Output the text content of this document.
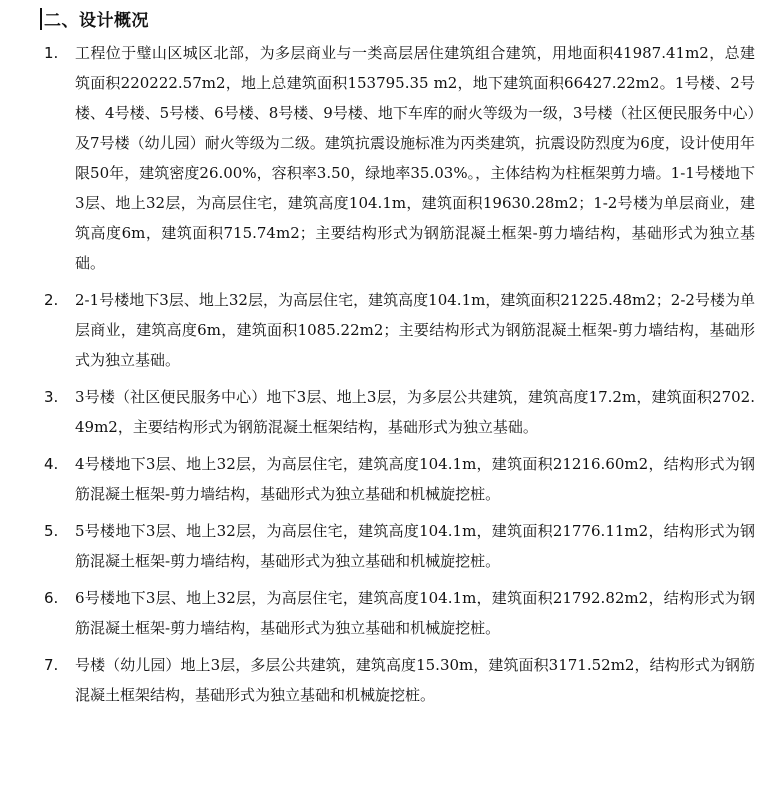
二、设计概况
1. 工程位于璧山区城区北部，为多层商业与一类高层居住建筑组合建筑，用地面积41987.41m2，总建筑面积220222.57m2，地上总建筑面积153795.35 m2，地下建筑面积66427.22m2。1号楼、2号楼、4号楼、5号楼、6号楼、8号楼、9号楼、地下车库的耐火等级为一级，3号楼（社区便民服务中心）及7号楼（幼儿园）耐火等级为二级。建筑抗震设施标准为丙类建筑，抗震设防烈度为6度，设计使用年限50年，建筑密度26.00%，容积率3.50，绿地率35.03%。，主体结构为柱框架剪力墙。1-1号楼地下3层、地上32层，为高层住宅，建筑高度104.1m，建筑面积19630.28m2；1-2号楼为单层商业，建筑高度6m，建筑面积715.74m2；主要结构形式为钢筋混凝土框架-剪力墙结构，基础形式为独立基础。
2. 2-1号楼地下3层、地上32层，为高层住宅，建筑高度104.1m，建筑面积21225.48m2；2-2号楼为单层商业，建筑高度6m，建筑面积1085.22m2；主要结构形式为钢筋混凝土框架-剪力墙结构，基础形式为独立基础。
3. 3号楼（社区便民服务中心）地下3层、地上3层，为多层公共建筑，建筑高度17.2m，建筑面积2702.49m2，主要结构形式为钢筋混凝土框架结构，基础形式为独立基础。
4. 4号楼地下3层、地上32层，为高层住宅，建筑高度104.1m，建筑面积21216.60m2，结构形式为钢筋混凝土框架-剪力墙结构，基础形式为独立基础和机械旋挖桩。
5. 5号楼地下3层、地上32层，为高层住宅，建筑高度104.1m，建筑面积21776.11m2，结构形式为钢筋混凝土框架-剪力墙结构，基础形式为独立基础和机械旋挖桩。
6. 6号楼地下3层、地上32层，为高层住宅，建筑高度104.1m，建筑面积21792.82m2，结构形式为钢筋混凝土框架-剪力墙结构，基础形式为独立基础和机械旋挖桩。
7. 号楼（幼儿园）地上3层，多层公共建筑，建筑高度15.30m，建筑面积3171.52m2，结构形式为钢筋混凝土框架结构，基础形式为独立基础和机械旋挖桩。
